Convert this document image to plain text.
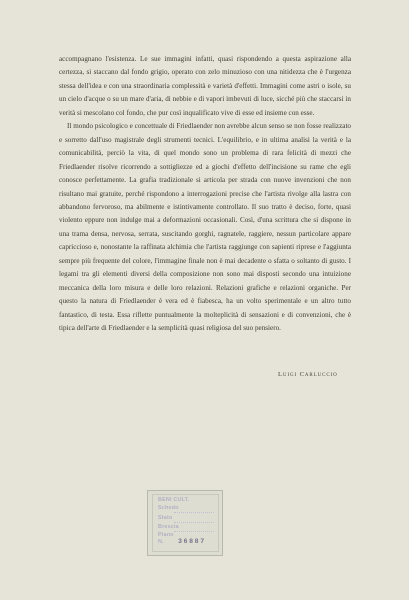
accompagnano l'esistenza. Le sue immagini infatti, quasi rispondendo a questa aspirazione alla certezza, si staccano dal fondo grigio, operato con zelo minuzioso con una nitidezza che è l'urgenza stessa dell'idea e con una straordinaria complessità e varietà d'effetti. Immagini come astri o isole, su un cielo d'acque o su un mare d'aria, di nebbie e di vapori imbevuti di luce, sicché più che staccarsi in verità si mescolano col fondo, che pur così inqualificato vive di esse ed insieme con esse.

Il mondo psicologico e concettuale di Friedlaender non avrebbe alcun senso se non fosse realizzato e sorretto dall'uso magistrale degli strumenti tecnici. L'equilibrio, e in ultima analisi la verità e la comunicabilità, perciò la vita, di quel mondo sono un problema di rara felicità di mezzi che Friedlaender risolve ricorrendo a sottigliezze ed a giochi d'effetto dell'incisione su rame che egli conosce perfettamente. La grafia tradizionale si articola per strada con nuove invenzioni che non risultano mai gratuite, perché rispondono a interrogazioni precise che l'artista rivolge alla lastra con abbandono fervoroso, ma abilmente e istintivamente controllato. Il suo tratto è deciso, forte, quasi violento eppure non indulge mai a deformazioni occasionali. Così, d'una scrittura che si dispone in una trama densa, nervosa, serrata, suscitando gorghi, ragnatele, raggiere, nessun particolare appare capriccioso e, nonostante la raffinata alchimia che l'artista raggiunge con sapienti riprese e l'aggiunta sempre più frequente del colore, l'immagine finale non è mai decadente o sfatta o soltanto di gusto. I legami tra gli elementi diversi della composizione non sono mai disposti secondo una intuizione meccanica della loro misura e delle loro relazioni. Relazioni grafiche e relazioni organiche. Per questo la natura di Friedlaender è vera ed è fiabesca, ha un volto sperimentale e un altro tutto fantastico, di testa. Essa riflette puntualmente la molteplicità di sensazioni e di convenzioni, che è tipica dell'arte di Friedlaender e la semplicità quasi religiosa del suo pensiero.

Luigi Carluccio
BENI CULT.
Schedo
Stato
Brescia
Piano
N. 36887
